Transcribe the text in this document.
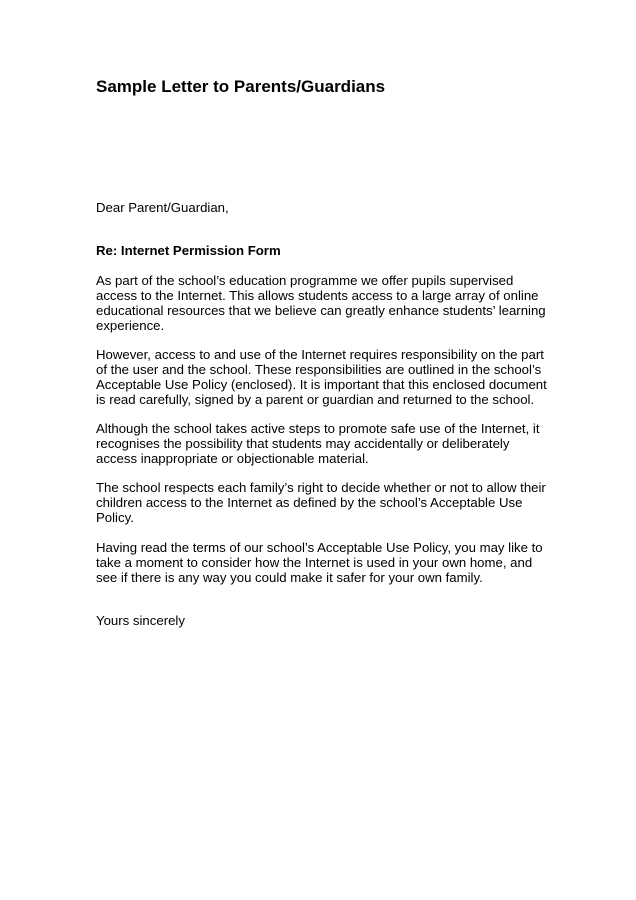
Sample Letter to Parents/Guardians

Dear Parent/Guardian,

Re: Internet Permission Form

As part of the school’s education programme we offer pupils supervised
access to the Internet. This allows students access to a large array of online
educational resources that we believe can greatly enhance students’ learning
experience.

However, access to and use of the Internet requires responsibility on the part
of the user and the school. These responsibilities are outlined in the school’s
Acceptable Use Policy (enclosed). It is important that this enclosed document
is read carefully, signed by a parent or guardian and returned to the school.

Although the school takes active steps to promote safe use of the Internet, it
recognises the possibility that students may accidentally or deliberately
access inappropriate or objectionable material.

The school respects each family’s right to decide whether or not to allow their
children access to the Internet as defined by the school’s Acceptable Use
Policy.

Having read the terms of our school’s Acceptable Use Policy, you may like to
take a moment to consider how the Internet is used in your own home, and
see if there is any way you could make it safer for your own family.

Yours sincerely
